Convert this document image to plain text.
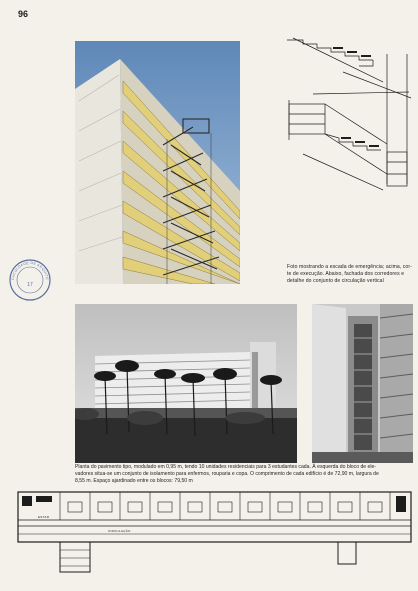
96
FACULDADE DE ARQUITE
17
Foto mostrando a escada de emergência; acima, cor-
te de execução. Abaixo, fachada dos corredores e
detalhe do conjunto de circulação vertical
Planta do pavimento tipo, modulado em 0,95 m, tendo 10 unidades residenciais para 3 estudantes cada. À esquerda do bloco de ele-
vadores situa-se um conjunto de isolamento para enfermos, rouparia e copa. O comprimento de cada edifício é de 72,90 m, largura de
8,55 m. Espaço ajardinado entre os blocos: 79,50 m
ESTAR
CIRCULAÇÃO
